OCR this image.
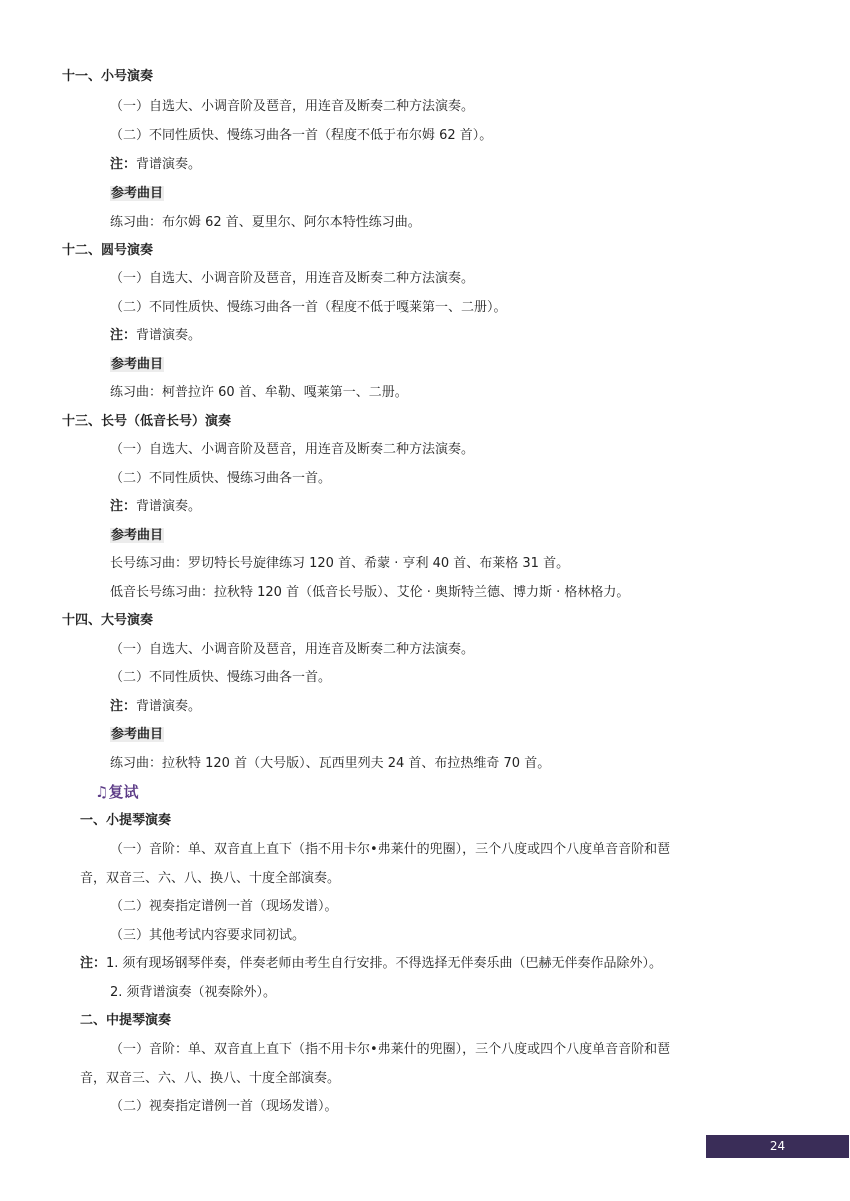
十一、小号演奏
（一）自选大、小调音阶及琶音，用连音及断奏二种方法演奏。
（二）不同性质快、慢练习曲各一首（程度不低于布尔姆 62 首）。
注：背谱演奏。
参考曲目
练习曲：布尔姆 62 首、夏里尔、阿尔本特性练习曲。
十二、圆号演奏
（一）自选大、小调音阶及琶音，用连音及断奏二种方法演奏。
（二）不同性质快、慢练习曲各一首（程度不低于嘎莱第一、二册）。
注：背谱演奏。
参考曲目
练习曲：柯普拉许 60 首、牟勒、嘎莱第一、二册。
十三、长号（低音长号）演奏
（一）自选大、小调音阶及琶音，用连音及断奏二种方法演奏。
（二）不同性质快、慢练习曲各一首。
注：背谱演奏。
参考曲目
长号练习曲：罗切特长号旋律练习 120 首、希蒙 · 亨利 40 首、布莱格 31 首。
低音长号练习曲：拉秋特 120 首（低音长号版）、艾伦 · 奥斯特兰德、博力斯 · 格林格力。
十四、大号演奏
（一）自选大、小调音阶及琶音，用连音及断奏二种方法演奏。
（二）不同性质快、慢练习曲各一首。
注：背谱演奏。
参考曲目
练习曲：拉秋特 120 首（大号版）、瓦西里列夫 24 首、布拉热维奇 70 首。
♫复试
一、小提琴演奏
（一）音阶：单、双音直上直下（指不用卡尔•弗莱什的兜圈），三个八度或四个八度单音音阶和琶
音，双音三、六、八、换八、十度全部演奏。
（二）视奏指定谱例一首（现场发谱）。
（三）其他考试内容要求同初试。
注：1. 须有现场钢琴伴奏，伴奏老师由考生自行安排。不得选择无伴奏乐曲（巴赫无伴奏作品除外）。
2. 须背谱演奏（视奏除外）。
二、中提琴演奏
（一）音阶：单、双音直上直下（指不用卡尔•弗莱什的兜圈），三个八度或四个八度单音音阶和琶
音，双音三、六、八、换八、十度全部演奏。
（二）视奏指定谱例一首（现场发谱）。
24
